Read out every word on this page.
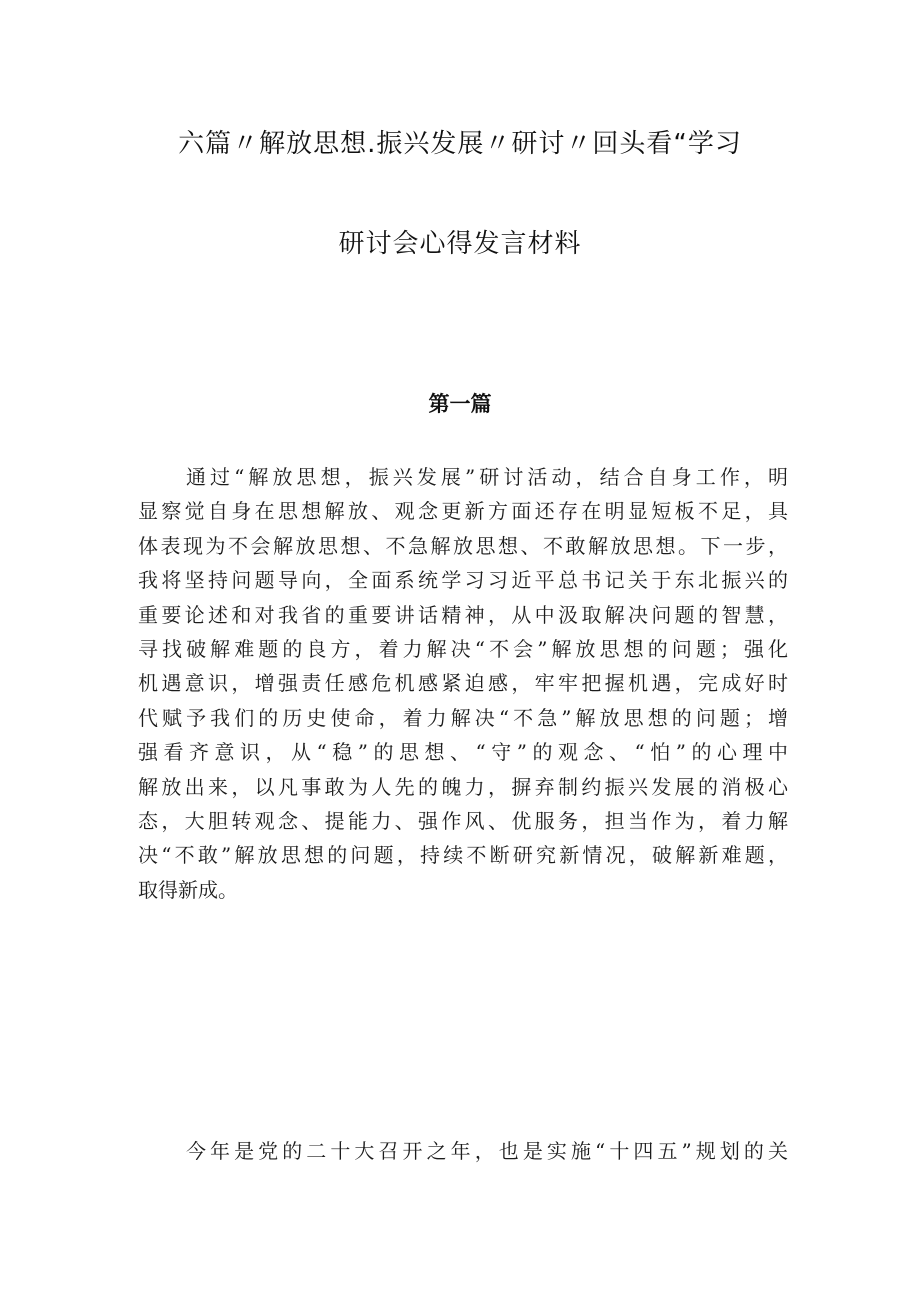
六篇〃解放思想.振兴发展〃研讨〃回头看“学习
研讨会心得发言材料
第一篇
通过“解放思想，振兴发展”研讨活动，结合自身工作，明
显察觉自身在思想解放、观念更新方面还存在明显短板不足，具
体表现为不会解放思想、不急解放思想、不敢解放思想。下一步，
我将坚持问题导向，全面系统学习习近平总书记关于东北振兴的
重要论述和对我省的重要讲话精神，从中汲取解决问题的智慧，
寻找破解难题的良方，着力解决“不会”解放思想的问题；强化
机遇意识，增强责任感危机感紧迫感，牢牢把握机遇，完成好时
代赋予我们的历史使命，着力解决“不急”解放思想的问题；增
强看齐意识，从“稳”的思想、“守”的观念、“怕”的心理中
解放出来，以凡事敢为人先的魄力，摒弃制约振兴发展的消极心
态，大胆转观念、提能力、强作风、优服务，担当作为，着力解
决“不敢”解放思想的问题，持续不断研究新情况，破解新难题，
取得新成。
今年是党的二十大召开之年，也是实施“十四五”规划的关
